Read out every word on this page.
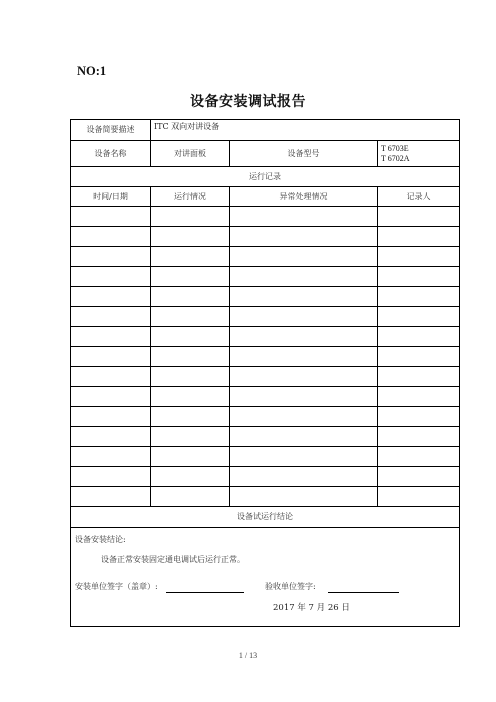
NO:1
设备安装调试报告
设备简要描述	ITC 双向对讲设备		
设备名称	对讲面板	设备型号	T 6703E
T 6702A

运行记录			
时间/日期	运行情况	异常处理情况	记录人

设备试运行结论			

设备安装结论:
设备正常安装固定通电调试后运行正常。
安装单位签字（盖章）: 验收单位签字:
2017 年 7 月 26 日			
1 / 13
